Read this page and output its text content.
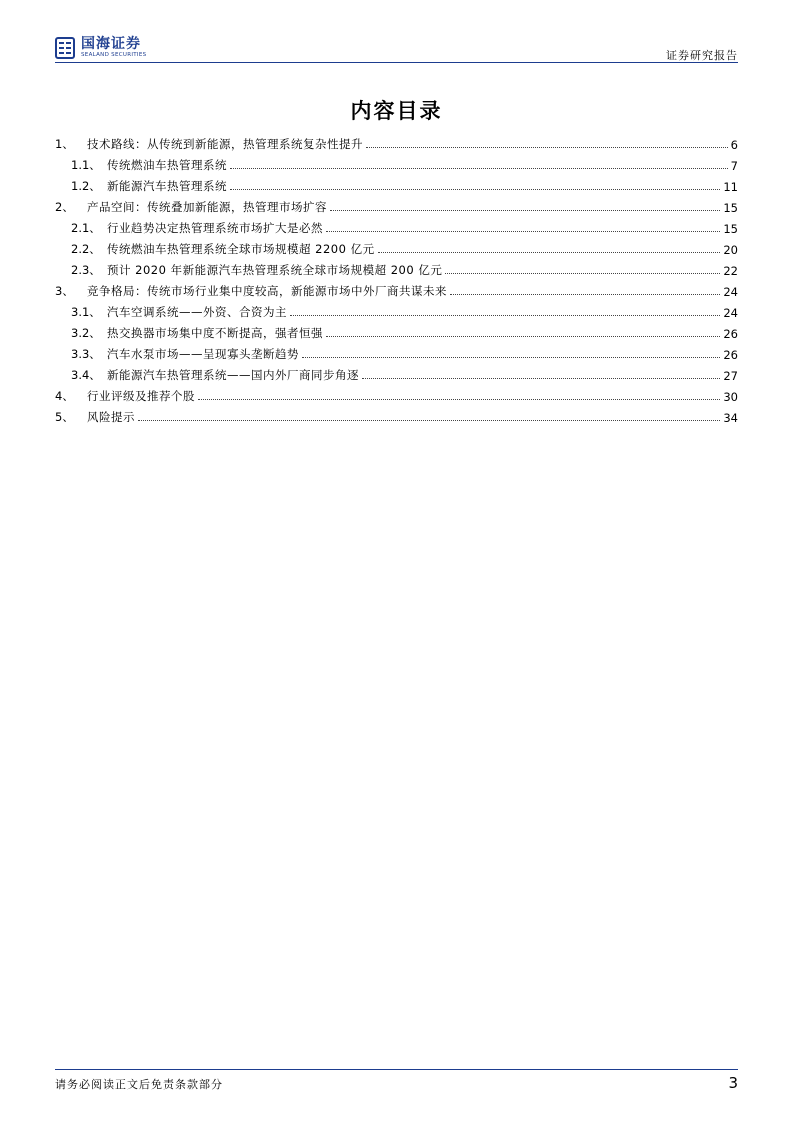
国海证券
SEALAND SECURITIES	证券研究报告
内容目录
1、	技术路线：从传统到新能源，热管理系统复杂性提升	6
1.1、 传统燃油车热管理系统	7
1.2、 新能源汽车热管理系统	11
2、	产品空间：传统叠加新能源，热管理市场扩容	15
2.1、 行业趋势决定热管理系统市场扩大是必然	15
2.2、 传统燃油车热管理系统全球市场规模超 2200 亿元	20
2.3、 预计 2020 年新能源汽车热管理系统全球市场规模超 200 亿元	22
3、	竞争格局：传统市场行业集中度较高，新能源市场中外厂商共谋未来	24
3.1、 汽车空调系统——外资、合资为主	24
3.2、 热交换器市场集中度不断提高，强者恒强	26
3.3、 汽车水泵市场——呈现寡头垄断趋势	26
3.4、 新能源汽车热管理系统——国内外厂商同步角逐	27
4、	行业评级及推荐个股	30
5、	风险提示	34
请务必阅读正文后免责条款部分	3
